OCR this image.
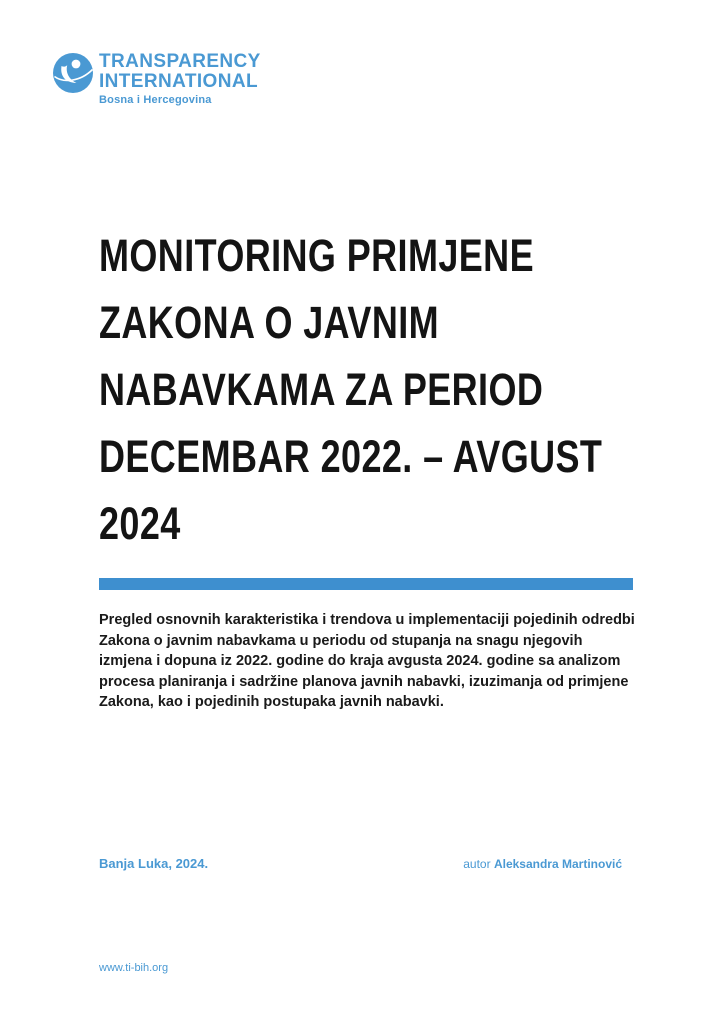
TRANSPARENCY
INTERNATIONAL
Bosna i Hercegovina
MONITORING PRIMJENE
ZAKONA O JAVNIM
NABAVKAMA ZA PERIOD
DECEMBAR 2022. – AVGUST
2024

Pregled osnovnih karakteristika i trendova u implementaciji pojedinih odredbi Zakona o javnim nabavkama u periodu od stupanja na snagu njegovih izmjena i dopuna iz 2022. godine do kraja avgusta 2024. godine sa analizom procesa planiranja i sadržine planova javnih nabavki, izuzimanja od primjene Zakona, kao i pojedinih postupaka javnih nabavki.

Banja Luka, 2024.	autor Aleksandra Martinović
www.ti-bih.org
